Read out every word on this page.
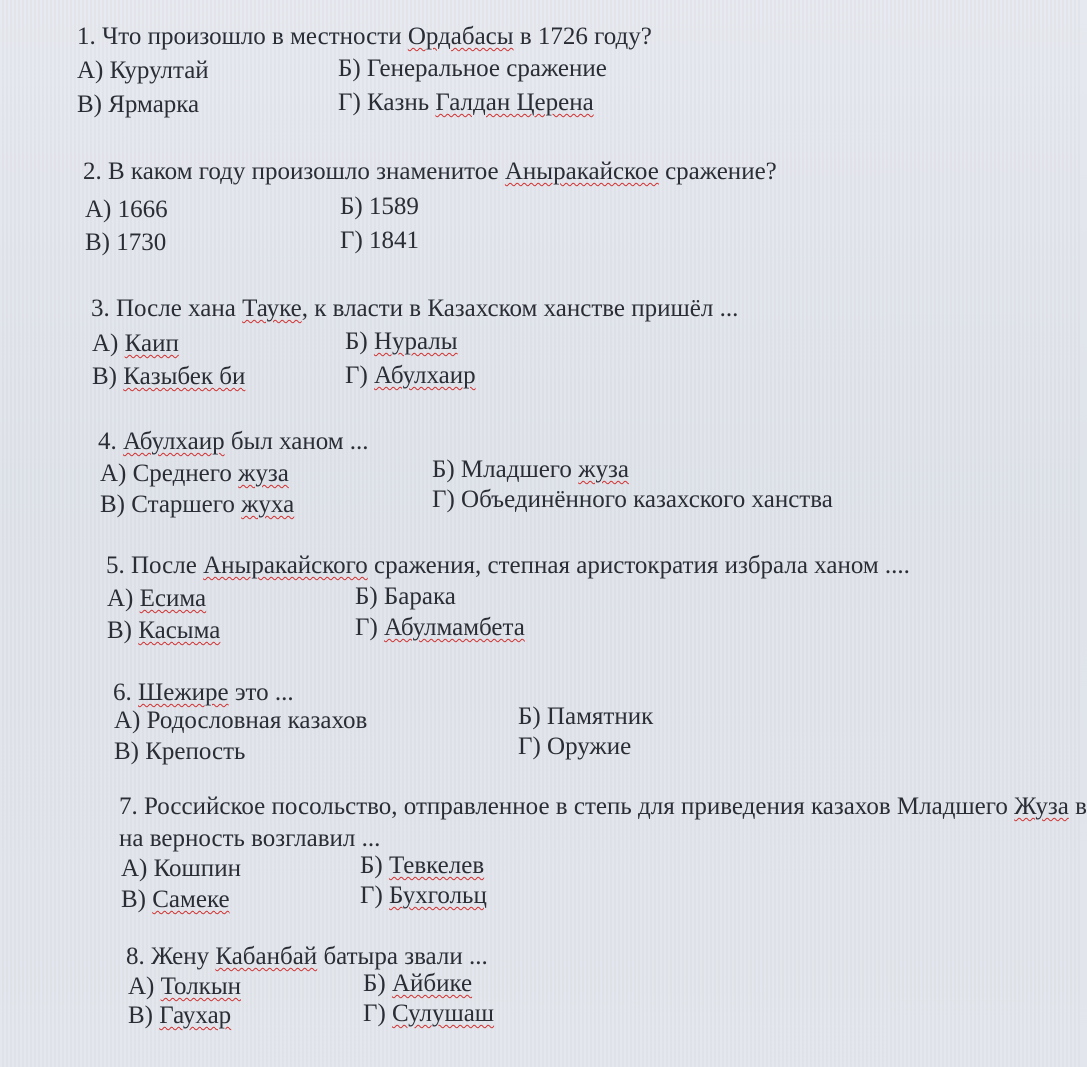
1. Что произошло в местности Ордабасы в 1726 году?
А) Курултай	Б) Генеральное сражение
В) Ярмарка	Г) Казнь Галдан Церена
2. В каком году произошло знаменитое Аныракайское сражение?
А) 1666	Б) 1589
В) 1730	Г) 1841
3. После хана Тауке, к власти в Казахском ханстве пришёл ...
А) Каип	Б) Нуралы
В) Казыбек би	Г) Абулхаир
4. Абулхаир был ханом ...
А) Среднего жуза	Б) Младшего жуза
В) Старшего жуха	Г) Объединённого казахского ханства
5. После Аныракайского сражения, степная аристократия избрала ханом ....
А) Есима	Б) Барака
В) Касыма	Г) Абулмамбета
6. Шежире это ...
А) Родословная казахов	Б) Памятник
В) Крепость	Г) Оружие
7. Российское посольство, отправленное в степь для приведения казахов Младшего Жуза в
на верность возглавил ...
А) Кошпин	Б) Тевкелев
В) Самеке	Г) Бухгольц
8. Жену Кабанбай батыра звали ...
А) Толкын	Б) Айбике
В) Гаухар	Г) Сулушаш
